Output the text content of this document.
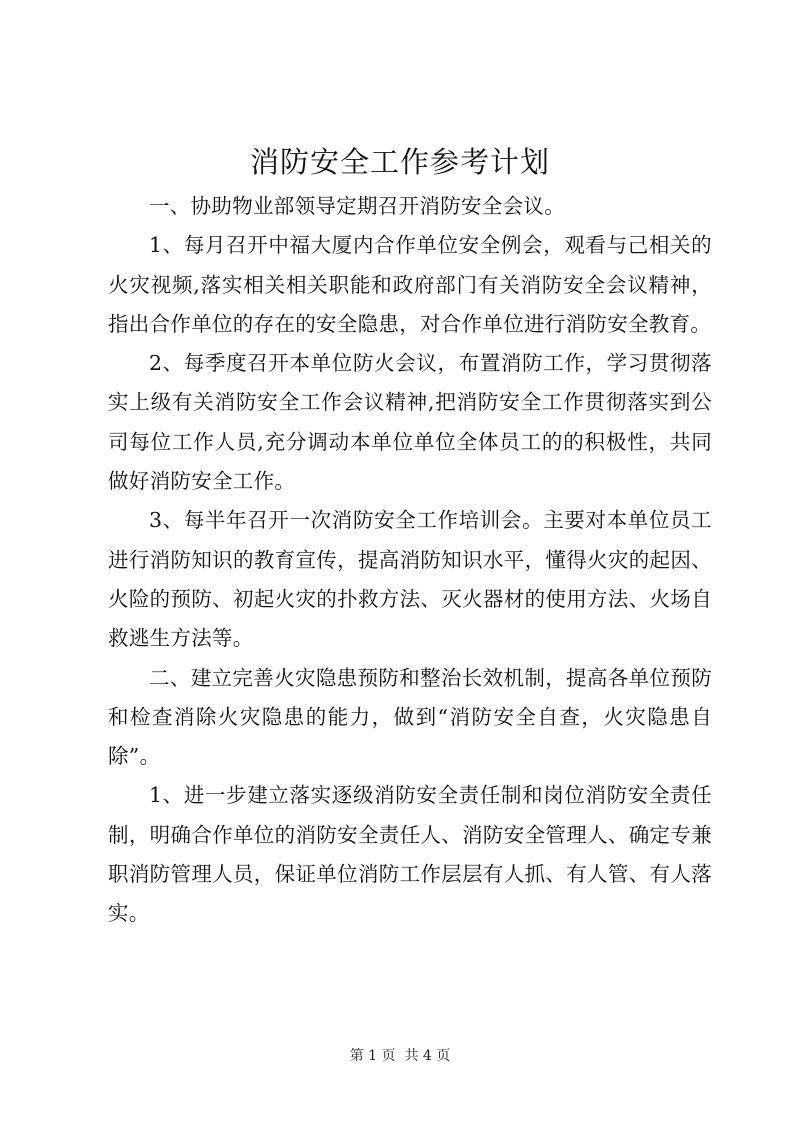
消防安全工作参考计划

一、协助物业部领导定期召开消防安全会议。

1、每月召开中福大厦内合作单位安全例会，观看与己相关的火灾视频,落实相关相关职能和政府部门有关消防安全会议精神，指出合作单位的存在的安全隐患，对合作单位进行消防安全教育。

2、每季度召开本单位防火会议，布置消防工作，学习贯彻落实上级有关消防安全工作会议精神,把消防安全工作贯彻落实到公司每位工作人员,充分调动本单位单位全体员工的的积极性，共同做好消防安全工作。

3、每半年召开一次消防安全工作培训会。主要对本单位员工进行消防知识的教育宣传，提高消防知识水平，懂得火灾的起因、火险的预防、初起火灾的扑救方法、灭火器材的使用方法、火场自救逃生方法等。

二、建立完善火灾隐患预防和整治长效机制，提高各单位预防和检查消除火灾隐患的能力，做到“消防安全自查，火灾隐患自除”。

1、进一步建立落实逐级消防安全责任制和岗位消防安全责任制，明确合作单位的消防安全责任人、消防安全管理人、确定专兼职消防管理人员，保证单位消防工作层层有人抓、有人管、有人落实。

第 1 页  共 4 页
